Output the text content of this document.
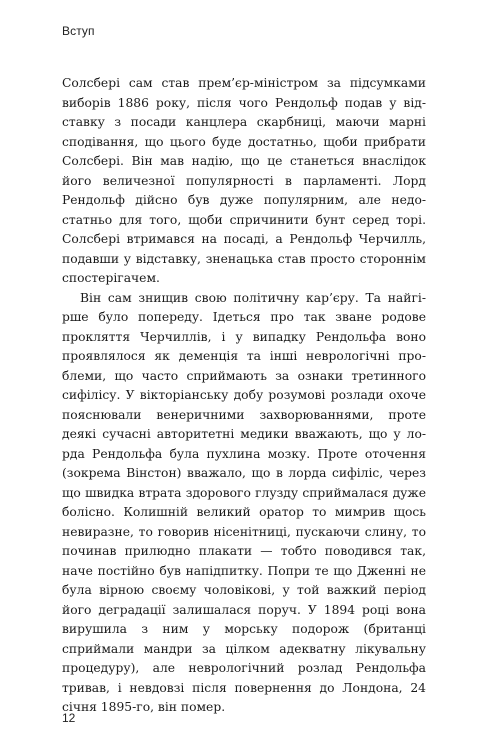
Вступ

Солсбері сам став прем’єр-міністром за підсумками виборів 1886 року, після чого Рендольф подав у відставку з посади канцлера скарбниці, маючи марні сподівання, що цього буде достатньо, щоби прибрати Солсбері. Він мав надію, що це станеться внаслідок його величезної популярності в парламенті. Лорд Рендольф дійсно був дуже популярним, але недостатньо для того, щоби спричинити бунт серед торі. Солсбері втримався на посаді, а Рендольф Черчилль, подавши у відставку, зненацька став просто стороннім спостерігачем.

Він сам знищив свою політичну кар’єру. Та найгірше було попереду. Ідеться про так зване родове прокляття Черчиллів, і у випадку Рендольфа воно проявлялося як деменція та інші неврологічні проблеми, що часто сприймають за ознаки третинного сифілісу. У вікторіанську добу розумові розлади охоче пояснювали венеричними захворюваннями, проте деякі сучасні авторитетні медики вважають, що у лорда Рендольфа була пухлина мозку. Проте оточення (зокрема Вінстон) вважало, що в лорда сифіліс, через що швидка втрата здорового глузду сприймалася дуже болісно. Колишній великий оратор то мимрив щось невиразне, то говорив нісенітниці, пускаючи слину, то починав прилюдно плакати — тобто поводився так, наче постійно був напідпитку. Попри те що Дженні не була вірною своєму чоловікові, у той важкий період його деградації залишалася поруч. У 1894 році вона вирушила з ним у морську подорож (британці сприймали мандри за цілком адекватну лікувальну процедуру), але неврологічний розлад Рендольфа тривав, і невдовзі після повернення до Лондона, 24 січня 1895-го, він помер.

12
